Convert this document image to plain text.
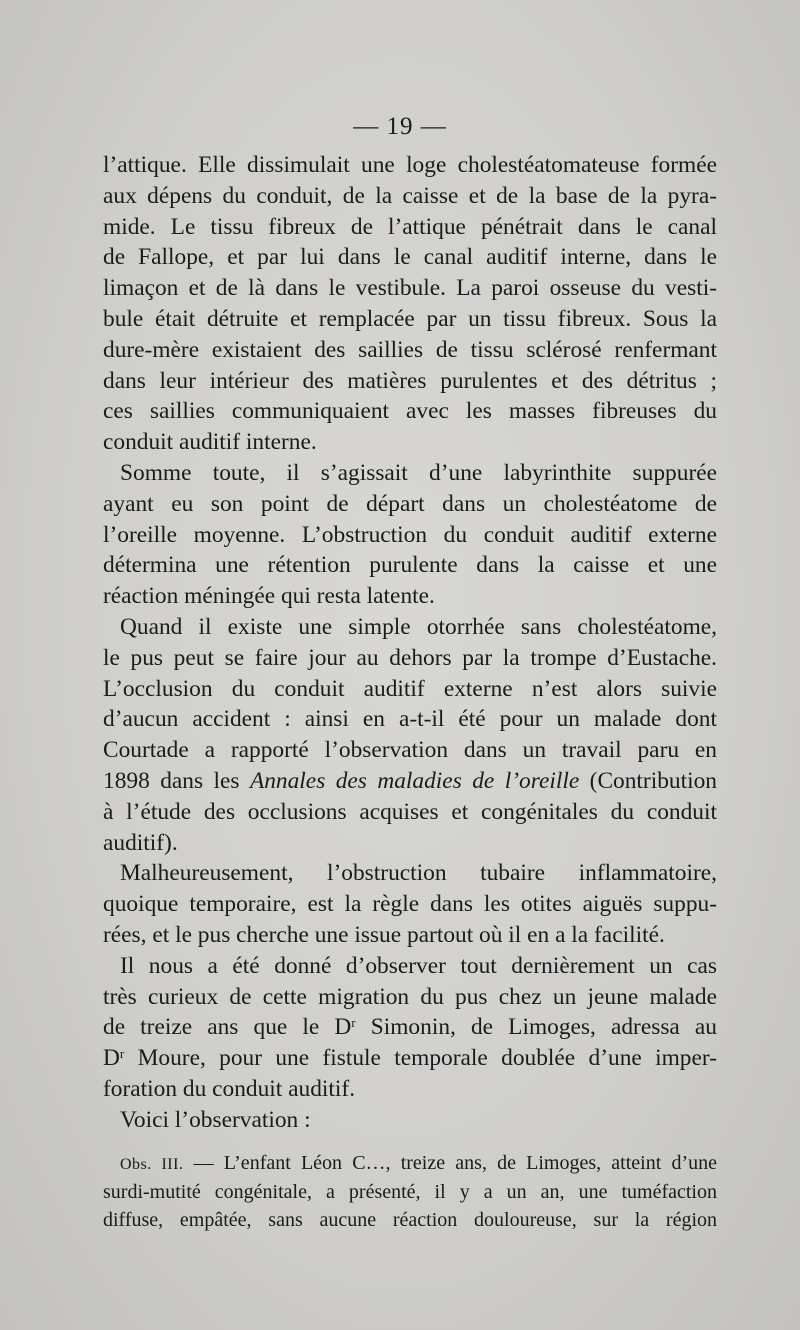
— 19 —
l’attique. Elle dissimulait une loge cholestéatomateuse formée
aux dépens du conduit, de la caisse et de la base de la pyra-
mide. Le tissu fibreux de l’attique pénétrait dans le canal
de Fallope, et par lui dans le canal auditif interne, dans le
limaçon et de là dans le vestibule. La paroi osseuse du vesti-
bule était détruite et remplacée par un tissu fibreux. Sous la
dure-mère existaient des saillies de tissu sclérosé renfermant
dans leur intérieur des matières purulentes et des détritus ;
ces saillies communiquaient avec les masses fibreuses du
conduit auditif interne.
Somme toute, il s’agissait d’une labyrinthite suppurée
ayant eu son point de départ dans un cholestéatome de
l’oreille moyenne. L’obstruction du conduit auditif externe
détermina une rétention purulente dans la caisse et une
réaction méningée qui resta latente.
Quand il existe une simple otorrhée sans cholestéatome,
le pus peut se faire jour au dehors par la trompe d’Eustache.
L’occlusion du conduit auditif externe n’est alors suivie
d’aucun accident : ainsi en a-t-il été pour un malade dont
Courtade a rapporté l’observation dans un travail paru en
1898 dans les Annales des maladies de l’oreille (Contribution
à l’étude des occlusions acquises et congénitales du conduit
auditif).
Malheureusement, l’obstruction tubaire inflammatoire,
quoique temporaire, est la règle dans les otites aiguës suppu-
rées, et le pus cherche une issue partout où il en a la facilité.
Il nous a été donné d’observer tout dernièrement un cas
très curieux de cette migration du pus chez un jeune malade
de treize ans que le $D^r$ Simonin, de Limoges, adressa au
$D^r$ Moure, pour une fistule temporale doublée d’une imper-
foration du conduit auditif.
Voici l’observation :
Obs. III. — L’enfant Léon C…, treize ans, de Limoges, atteint d’une
surdi-mutité congénitale, a présenté, il y a un an, une tuméfaction
diffuse, empâtée, sans aucune réaction douloureuse, sur la région
